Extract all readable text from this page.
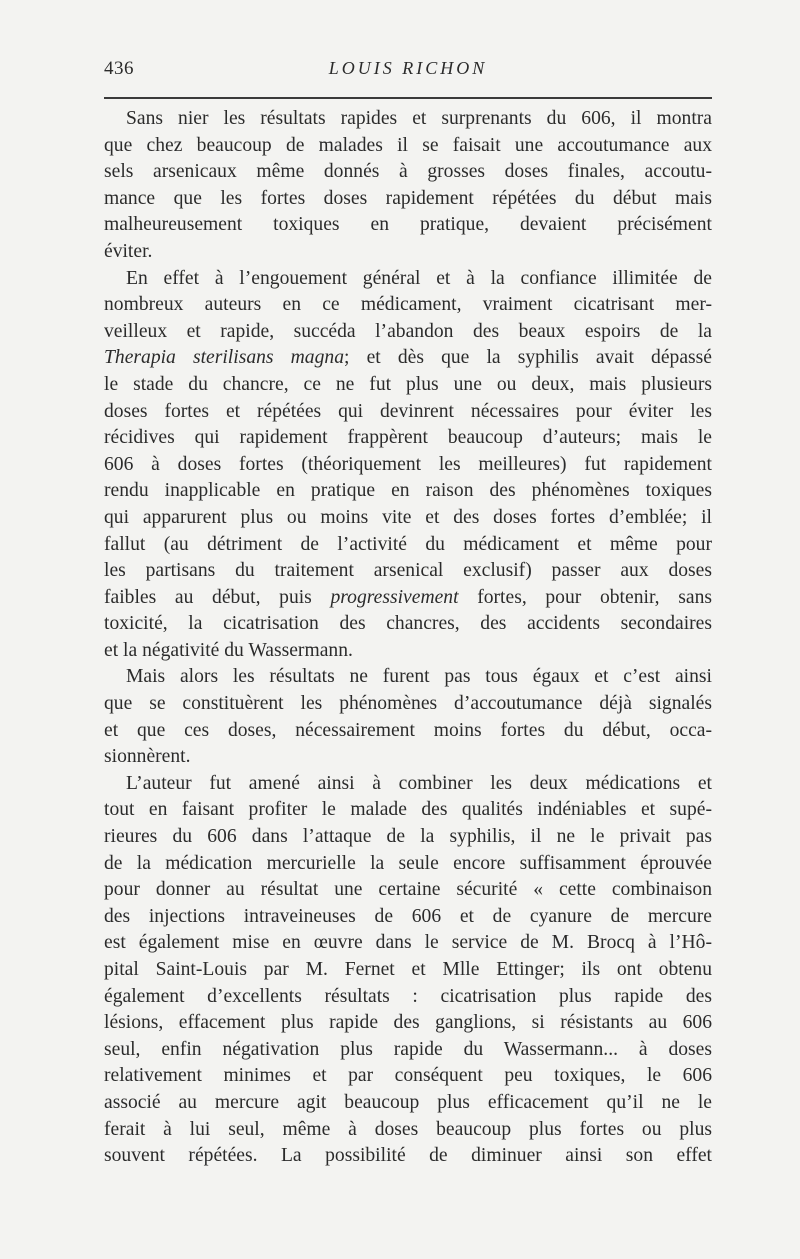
436	LOUIS RICHON
Sans nier les résultats rapides et surprenants du 606, il montra
que chez beaucoup de malades il se faisait une accoutumance aux
sels arsenicaux même donnés à grosses doses finales, accoutu-
mance que les fortes doses rapidement répétées du début mais
malheureusement toxiques en pratique, devaient précisément
éviter.
En effet à l’engouement général et à la confiance illimitée de
nombreux auteurs en ce médicament, vraiment cicatrisant mer-
veilleux et rapide, succéda l’abandon des beaux espoirs de la
Therapia sterilisans magna; et dès que la syphilis avait dépassé
le stade du chancre, ce ne fut plus une ou deux, mais plusieurs
doses fortes et répétées qui devinrent nécessaires pour éviter les
récidives qui rapidement frappèrent beaucoup d’auteurs; mais le
606 à doses fortes (théoriquement les meilleures) fut rapidement
rendu inapplicable en pratique en raison des phénomènes toxiques
qui apparurent plus ou moins vite et des doses fortes d’emblée; il
fallut (au détriment de l’activité du médicament et même pour
les partisans du traitement arsenical exclusif) passer aux doses
faibles au début, puis progressivement fortes, pour obtenir, sans
toxicité, la cicatrisation des chancres, des accidents secondaires
et la négativité du Wassermann.
Mais alors les résultats ne furent pas tous égaux et c’est ainsi
que se constituèrent les phénomènes d’accoutumance déjà signalés
et que ces doses, nécessairement moins fortes du début, occa-
sionnèrent.
L’auteur fut amené ainsi à combiner les deux médications et
tout en faisant profiter le malade des qualités indéniables et supé-
rieures du 606 dans l’attaque de la syphilis, il ne le privait pas
de la médication mercurielle la seule encore suffisamment éprouvée
pour donner au résultat une certaine sécurité « cette combinaison
des injections intraveineuses de 606 et de cyanure de mercure
est également mise en œuvre dans le service de M. Brocq à l’Hô-
pital Saint-Louis par M. Fernet et Mlle Ettinger; ils ont obtenu
également d’excellents résultats : cicatrisation plus rapide des
lésions, effacement plus rapide des ganglions, si résistants au 606
seul, enfin négativation plus rapide du Wassermann... à doses
relativement minimes et par conséquent peu toxiques, le 606
associé au mercure agit beaucoup plus efficacement qu’il ne le
ferait à lui seul, même à doses beaucoup plus fortes ou plus
souvent répétées. La possibilité de diminuer ainsi son effet
